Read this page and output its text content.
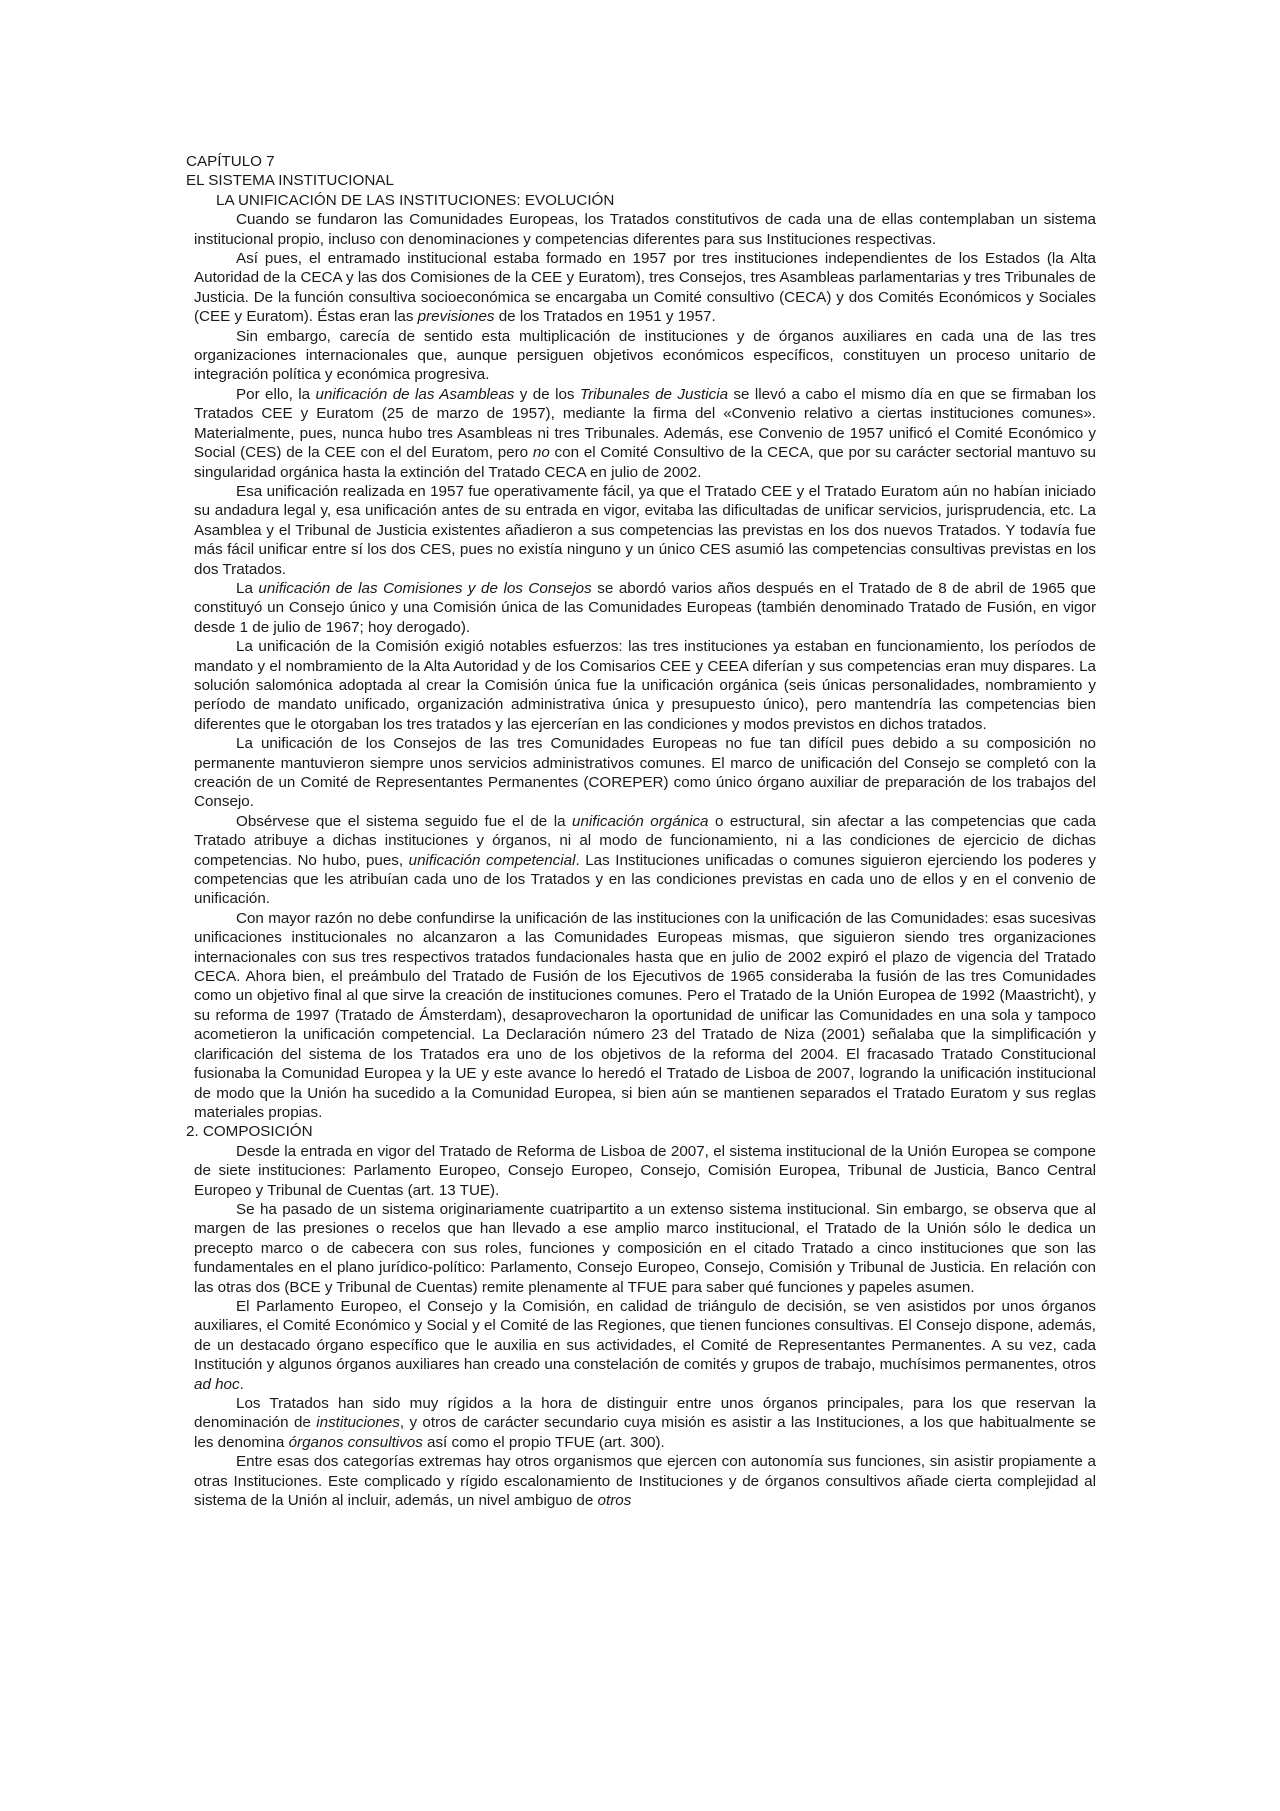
CAPÍTULO 7
EL SISTEMA INSTITUCIONAL
LA UNIFICACIÓN DE LAS INSTITUCIONES: EVOLUCIÓN

Cuando se fundaron las Comunidades Europeas, los Tratados constitutivos de cada una de ellas contemplaban un sistema institucional propio, incluso con denominaciones y competencias diferentes para sus Instituciones respectivas.

Así pues, el entramado institucional estaba formado en 1957 por tres instituciones independientes de los Estados (la Alta Autoridad de la CECA y las dos Comisiones de la CEE y Euratom), tres Consejos, tres Asambleas parlamentarias y tres Tribunales de Justicia. De la función consultiva socioeconómica se encargaba un Comité consultivo (CECA) y dos Comités Económicos y Sociales (CEE y Euratom). Éstas eran las previsiones de los Tratados en 1951 y 1957.

Sin embargo, carecía de sentido esta multiplicación de instituciones y de órganos auxiliares en cada una de las tres organizaciones internacionales que, aunque persiguen objetivos económicos específicos, constituyen un proceso unitario de integración política y económica progresiva.

Por ello, la unificación de las Asambleas y de los Tribunales de Justicia se llevó a cabo el mismo día en que se firmaban los Tratados CEE y Euratom (25 de marzo de 1957), mediante la firma del «Convenio relativo a ciertas instituciones comunes». Materialmente, pues, nunca hubo tres Asambleas ni tres Tribunales. Además, ese Convenio de 1957 unificó el Comité Económico y Social (CES) de la CEE con el del Euratom, pero no con el Comité Consultivo de la CECA, que por su carácter sectorial mantuvo su singularidad orgánica hasta la extinción del Tratado CECA en julio de 2002.

Esa unificación realizada en 1957 fue operativamente fácil, ya que el Tratado CEE y el Tratado Euratom aún no habían iniciado su andadura legal y, esa unificación antes de su entrada en vigor, evitaba las dificultadas de unificar servicios, jurisprudencia, etc. La Asamblea y el Tribunal de Justicia existentes añadieron a sus competencias las previstas en los dos nuevos Tratados. Y todavía fue más fácil unificar entre sí los dos CES, pues no existía ninguno y un único CES asumió las competencias consultivas previstas en los dos Tratados.

La unificación de las Comisiones y de los Consejos se abordó varios años después en el Tratado de 8 de abril de 1965 que constituyó un Consejo único y una Comisión única de las Comunidades Europeas (también denominado Tratado de Fusión, en vigor desde 1 de julio de 1967; hoy derogado).

La unificación de la Comisión exigió notables esfuerzos: las tres instituciones ya estaban en funcionamiento, los períodos de mandato y el nombramiento de la Alta Autoridad y de los Comisarios CEE y CEEA diferían y sus competencias eran muy dispares. La solución salomónica adoptada al crear la Comisión única fue la unificación orgánica (seis únicas personalidades, nombramiento y período de mandato unificado, organización administrativa única y presupuesto único), pero mantendría las competencias bien diferentes que le otorgaban los tres tratados y las ejercerían en las condiciones y modos previstos en dichos tratados.

La unificación de los Consejos de las tres Comunidades Europeas no fue tan difícil pues debido a su composición no permanente mantuvieron siempre unos servicios administrativos comunes. El marco de unificación del Consejo se completó con la creación de un Comité de Representantes Permanentes (COREPER) como único órgano auxiliar de preparación de los trabajos del Consejo.

Obsérvese que el sistema seguido fue el de la unificación orgánica o estructural, sin afectar a las competencias que cada Tratado atribuye a dichas instituciones y órganos, ni al modo de funcionamiento, ni a las condiciones de ejercicio de dichas competencias. No hubo, pues, unificación competencial. Las Instituciones unificadas o comunes siguieron ejerciendo los poderes y competencias que les atribuían cada uno de los Tratados y en las condiciones previstas en cada uno de ellos y en el convenio de unificación.

Con mayor razón no debe confundirse la unificación de las instituciones con la unificación de las Comunidades: esas sucesivas unificaciones institucionales no alcanzaron a las Comunidades Europeas mismas, que siguieron siendo tres organizaciones internacionales con sus tres respectivos tratados fundacionales hasta que en julio de 2002 expiró el plazo de vigencia del Tratado CECA. Ahora bien, el preámbulo del Tratado de Fusión de los Ejecutivos de 1965 consideraba la fusión de las tres Comunidades como un objetivo final al que sirve la creación de instituciones comunes. Pero el Tratado de la Unión Europea de 1992 (Maastricht), y su reforma de 1997 (Tratado de Ámsterdam), desaprovecharon la oportunidad de unificar las Comunidades en una sola y tampoco acometieron la unificación competencial. La Declaración número 23 del Tratado de Niza (2001) señalaba que la simplificación y clarificación del sistema de los Tratados era uno de los objetivos de la reforma del 2004. El fracasado Tratado Constitucional fusionaba la Comunidad Europea y la UE y este avance lo heredó el Tratado de Lisboa de 2007, logrando la unificación institucional de modo que la Unión ha sucedido a la Comunidad Europea, si bien aún se mantienen separados el Tratado Euratom y sus reglas materiales propias.

2. COMPOSICIÓN

Desde la entrada en vigor del Tratado de Reforma de Lisboa de 2007, el sistema institucional de la Unión Europea se compone de siete instituciones: Parlamento Europeo, Consejo Europeo, Consejo, Comisión Europea, Tribunal de Justicia, Banco Central Europeo y Tribunal de Cuentas (art. 13 TUE).

Se ha pasado de un sistema originariamente cuatripartito a un extenso sistema institucional. Sin embargo, se observa que al margen de las presiones o recelos que han llevado a ese amplio marco institucional, el Tratado de la Unión sólo le dedica un precepto marco o de cabecera con sus roles, funciones y composición en el citado Tratado a cinco instituciones que son las fundamentales en el plano jurídico-político: Parlamento, Consejo Europeo, Consejo, Comisión y Tribunal de Justicia. En relación con las otras dos (BCE y Tribunal de Cuentas) remite plenamente al TFUE para saber qué funciones y papeles asumen.

El Parlamento Europeo, el Consejo y la Comisión, en calidad de triángulo de decisión, se ven asistidos por unos órganos auxiliares, el Comité Económico y Social y el Comité de las Regiones, que tienen funciones consultivas. El Consejo dispone, además, de un destacado órgano específico que le auxilia en sus actividades, el Comité de Representantes Permanentes. A su vez, cada Institución y algunos órganos auxiliares han creado una constelación de comités y grupos de trabajo, muchísimos permanentes, otros ad hoc.

Los Tratados han sido muy rígidos a la hora de distinguir entre unos órganos principales, para los que reservan la denominación de instituciones, y otros de carácter secundario cuya misión es asistir a las Instituciones, a los que habitualmente se les denomina órganos consultivos así como el propio TFUE (art. 300).

Entre esas dos categorías extremas hay otros organismos que ejercen con autonomía sus funciones, sin asistir propiamente a otras Instituciones. Este complicado y rígido escalonamiento de Instituciones y de órganos consultivos añade cierta complejidad al sistema de la Unión al incluir, además, un nivel ambiguo de otros
